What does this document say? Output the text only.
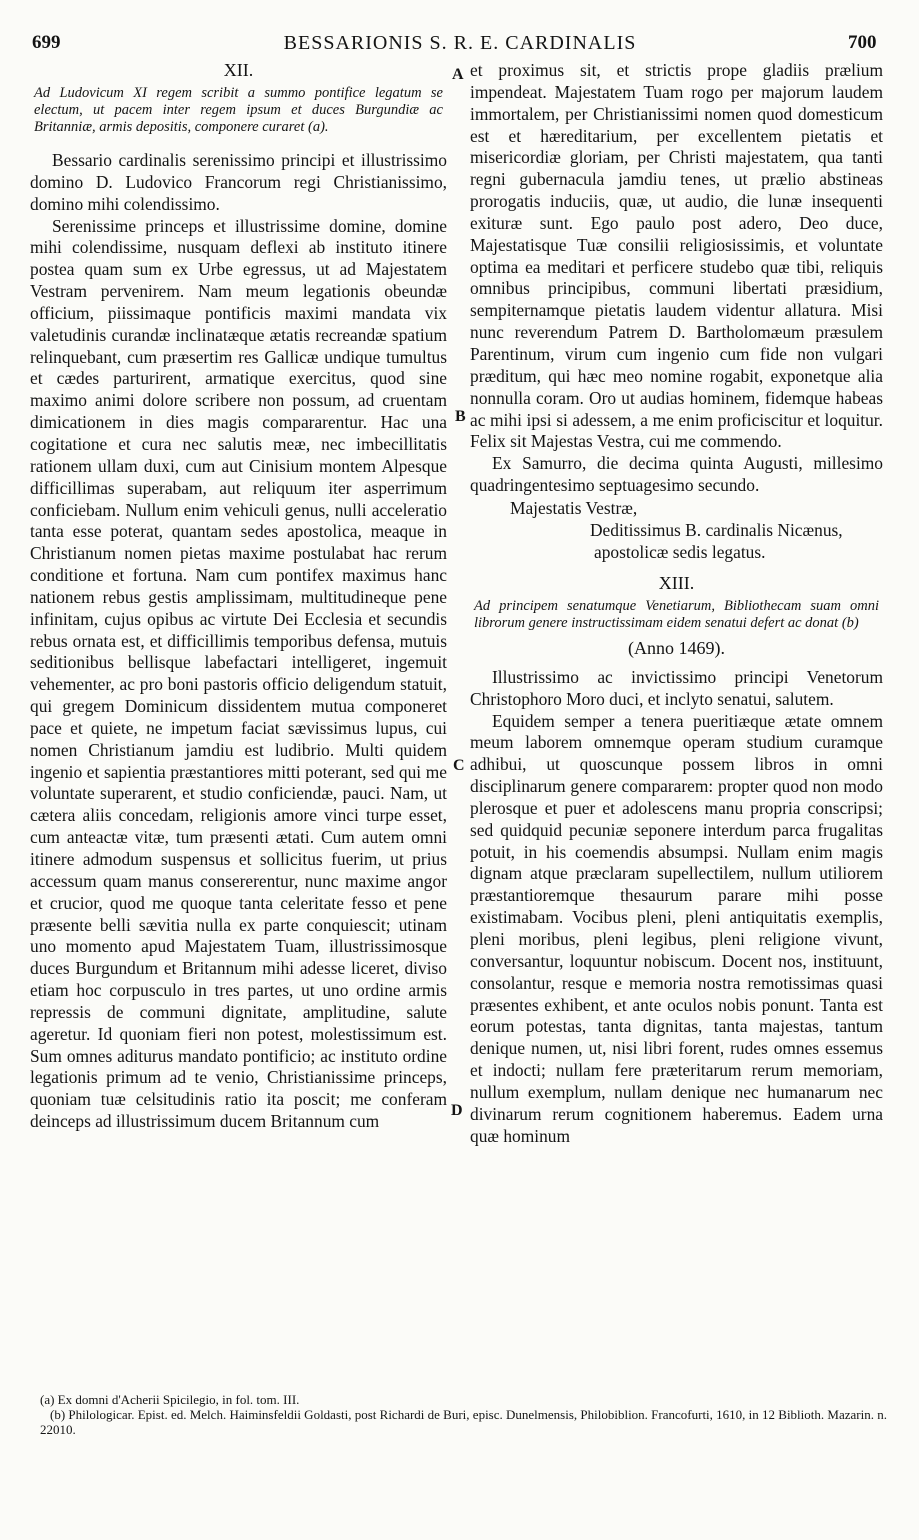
699	BESSARIONIS S. R. E. CARDINALIS	700
A
B
C
D
XII.

Ad Ludovicum XI regem scribit a summo pontifice legatum se electum, ut pacem inter regem ipsum et duces Burgundiæ ac Britanniæ, armis depositis, componere curaret (a).

Bessario cardinalis serenissimo principi et illustrissimo domino D. Ludovico Francorum regi Christianissimo, domino mihi colendissimo.

Serenissime princeps et illustrissime domine, domine mihi colendissime, nusquam deflexi ab instituto itinere postea quam sum ex Urbe egressus, ut ad Majestatem Vestram pervenirem. Nam meum legationis obeundæ officium, piissimaque pontificis maximi mandata vix valetudinis curandæ inclinatæque ætatis recreandæ spatium relinquebant, cum præsertim res Gallicæ undique tumultus et cædes parturirent, armatique exercitus, quod sine maximo animi dolore scribere non possum, ad cruentam dimicationem in dies magis compararentur. Hac una cogitatione et cura nec salutis meæ, nec imbecillitatis rationem ullam duxi, cum aut Cinisium montem Alpesque difficillimas superabam, aut reliquum iter asperrimum conficiebam. Nullum enim vehiculi genus, nulli acceleratio tanta esse poterat, quantam sedes apostolica, meaque in Christianum nomen pietas maxime postulabat hac rerum conditione et fortuna. Nam cum pontifex maximus hanc nationem rebus gestis amplissimam, multitudineque pene infinitam, cujus opibus ac virtute Dei Ecclesia et secundis rebus ornata est, et difficillimis temporibus defensa, mutuis seditionibus bellisque labefactari intelligeret, ingemuit vehementer, ac pro boni pastoris officio deligendum statuit, qui gregem Dominicum dissidentem mutua componeret pace et quiete, ne impetum faciat sævissimus lupus, cui nomen Christianum jamdiu est ludibrio. Multi quidem ingenio et sapientia præstantiores mitti poterant, sed qui me voluntate superarent, et studio conficiendæ, pauci. Nam, ut cætera aliis concedam, religionis amore vinci turpe esset, cum anteactæ vitæ, tum præsenti ætati. Cum autem omni itinere admodum suspensus et sollicitus fuerim, ut prius accessum quam manus consererentur, nunc maxime angor et crucior, quod me quoque tanta celeritate fesso et pene præsente belli sævitia nulla ex parte conquiescit; utinam uno momento apud Majestatem Tuam, illustrissimosque duces Burgundum et Britannum mihi adesse liceret, diviso etiam hoc corpusculo in tres partes, ut uno ordine armis repressis de communi dignitate, amplitudine, salute ageretur. Id quoniam fieri non potest, molestissimum est. Sum omnes aditurus mandato pontificio; ac instituto ordine legationis primum ad te venio, Christianissime princeps, quoniam tuæ celsitudinis ratio ita poscit; me conferam deinceps ad illustrissimum ducem Britannum cum

et proximus sit, et strictis prope gladiis prælium impendeat. Majestatem Tuam rogo per majorum laudem immortalem, per Christianissimi nomen quod domesticum est et hæreditarium, per excellentem pietatis et misericordiæ gloriam, per Christi majestatem, qua tanti regni gubernacula jamdiu tenes, ut prælio abstineas prorogatis induciis, quæ, ut audio, die lunæ insequenti exituræ sunt. Ego paulo post adero, Deo duce, Majestatisque Tuæ consilii religiosissimis, et voluntate optima ea meditari et perficere studebo quæ tibi, reliquis omnibus principibus, communi libertati præsidium, sempiternamque pietatis laudem videntur allatura. Misi nunc reverendum Patrem D. Bartholomæum præsulem Parentinum, virum cum ingenio cum fide non vulgari præditum, qui hæc meo nomine rogabit, exponetque alia nonnulla coram. Oro ut audias hominem, fidemque habeas ac mihi ipsi si adessem, a me enim proficiscitur et loquitur. Felix sit Majestas Vestra, cui me commendo.

Ex Samurro, die decima quinta Augusti, millesimo quadringentesimo septuagesimo secundo.

Majestatis Vestræ,

Deditissimus B. cardinalis Nicænus,

apostolicæ sedis legatus.

XIII.

Ad principem senatumque Venetiarum, Bibliothecam suam omni librorum genere instructissimam eidem senatui defert ac donat (b)

(Anno 1469).

Illustrissimo ac invictissimo principi Venetorum Christophoro Moro duci, et inclyto senatui, salutem.

Equidem semper a tenera pueritiæque ætate omnem meum laborem omnemque operam studium curamque adhibui, ut quoscunque possem libros in omni disciplinarum genere compararem: propter quod non modo plerosque et puer et adolescens manu propria conscripsi; sed quidquid pecuniæ seponere interdum parca frugalitas potuit, in his coemendis absumpsi. Nullam enim magis dignam atque præclaram supellectilem, nullum utiliorem præstantioremque thesaurum parare mihi posse existimabam. Vocibus pleni, pleni antiquitatis exemplis, pleni moribus, pleni legibus, pleni religione vivunt, conversantur, loquuntur nobiscum. Docent nos, instituunt, consolantur, resque e memoria nostra remotissimas quasi præsentes exhibent, et ante oculos nobis ponunt. Tanta est eorum potestas, tanta dignitas, tanta majestas, tantum denique numen, ut, nisi libri forent, rudes omnes essemus et indocti; nullam fere præteritarum rerum memoriam, nullum exemplum, nullam denique nec humanarum nec divinarum rerum cognitionem haberemus. Eadem urna quæ hominum

(a) Ex domni d'Acherii Spicilegio, in fol. tom. III.

(b) Philologicar. Epist. ed. Melch. Haiminsfeldii Goldasti, post Richardi de Buri, episc. Dunelmensis, Philobiblion. Francofurti, 1610, in 12 Biblioth. Mazarin. n. 22010.
